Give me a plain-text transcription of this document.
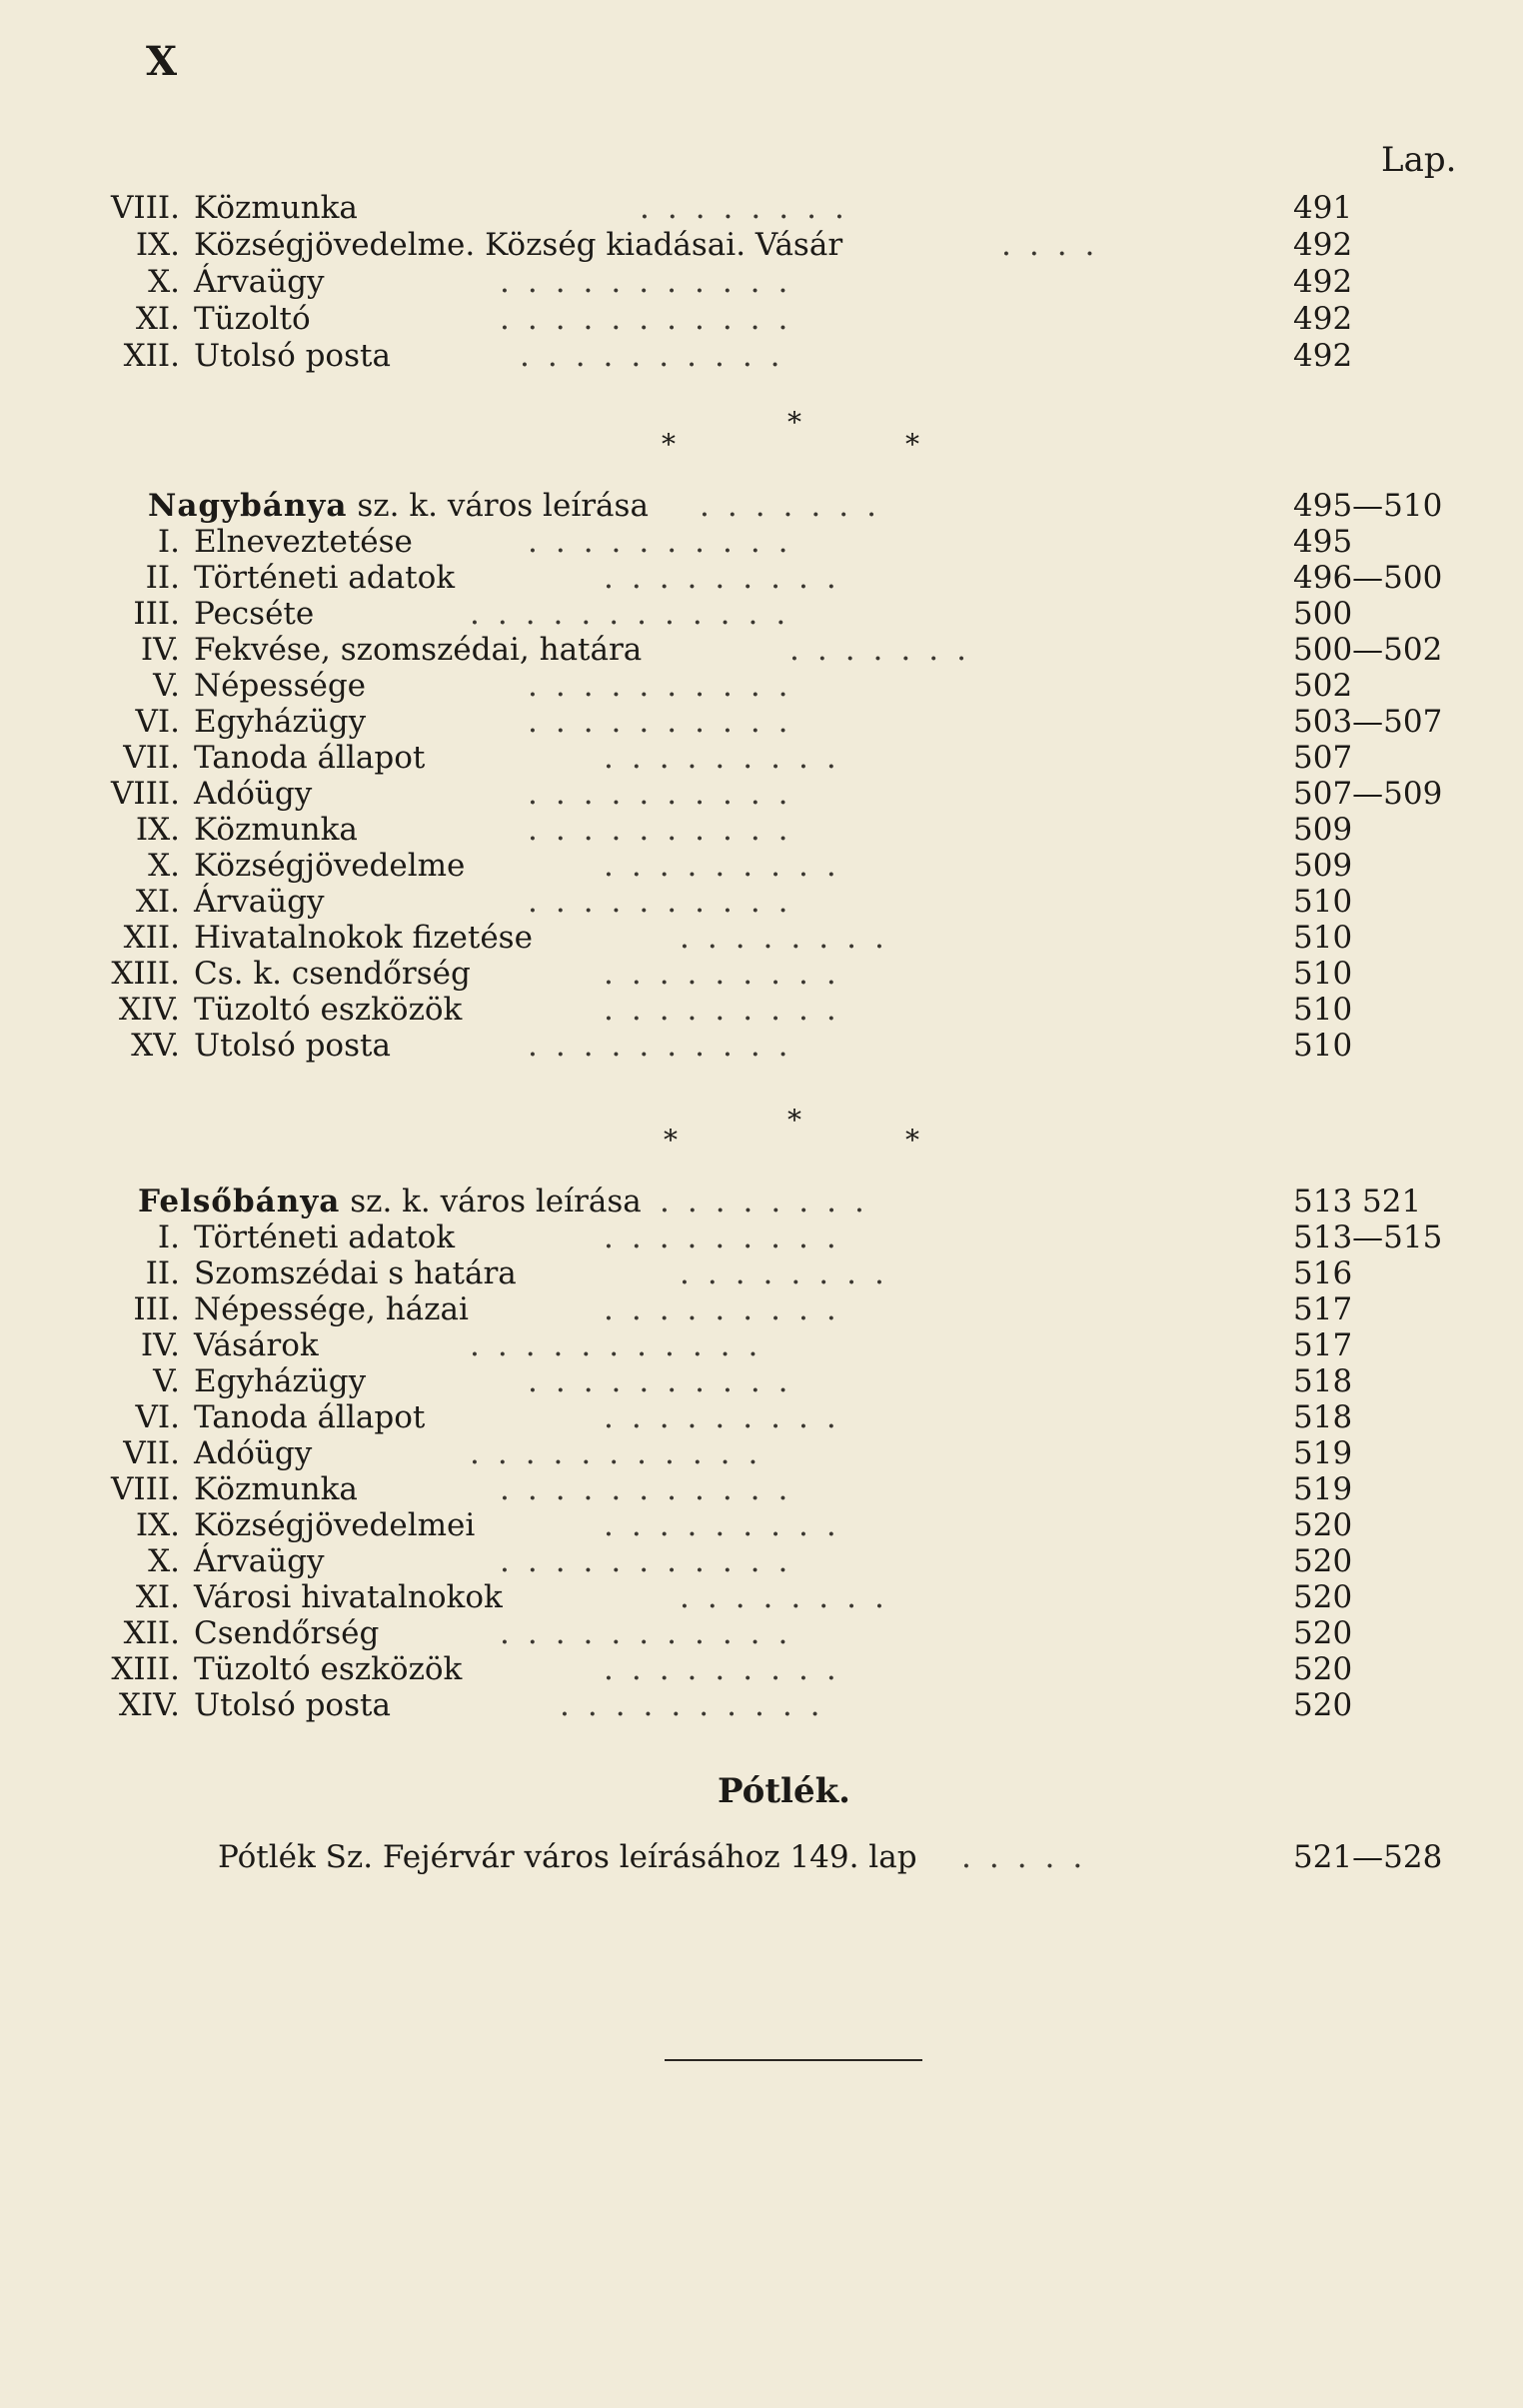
X
Lap.
VIII. Közmunka	........	491
IX. Községjövedelme. Község kiadásai. Vásár	....	492
X. Árvaügy	...........	492
XI. Tüzoltó	...........	492
XII. Utolsó posta	..........	492
*
*	*
Nagybánya sz. k. város leírása .......	495—510
I. Elneveztetése	..........	495
II. Történeti adatok	.........	496—500
III. Pecséte	............	500
IV. Fekvése, szomszédai, határa	.......	500—502
V. Népessége	..........	502
VI. Egyházügy	..........	503—507
VII. Tanoda állapot	.........	507
VIII. Adóügy	..........	507—509
IX. Közmunka	..........	509
X. Községjövedelme	.........	509
XI. Árvaügy	..........	510
XII. Hivatalnokok fizetése	........	510
XIII. Cs. k. csendőrség	.........	510
XIV. Tüzoltó eszközök	.........	510
XV. Utolsó posta	..........	510
*
*	*
Felsőbánya sz. k. város leírása ........	513 521
I. Történeti adatok	.........	513—515
II. Szomszédai s határa	........	516
III. Népessége, házai	.........	517
IV. Vásárok	...........	517
V. Egyházügy	..........	518
VI. Tanoda állapot	.........	518
VII. Adóügy	...........	519
VIII. Közmunka	...........	519
IX. Községjövedelmei	.........	520
X. Árvaügy	...........	520
XI. Városi hivatalnokok	........	520
XII. Csendőrség	...........	520
XIII. Tüzoltó eszközök	.........	520
XIV. Utolsó posta	..........	520
Pótlék.
Pótlék Sz. Fejérvár város leírásához 149. lap .....	521—528
